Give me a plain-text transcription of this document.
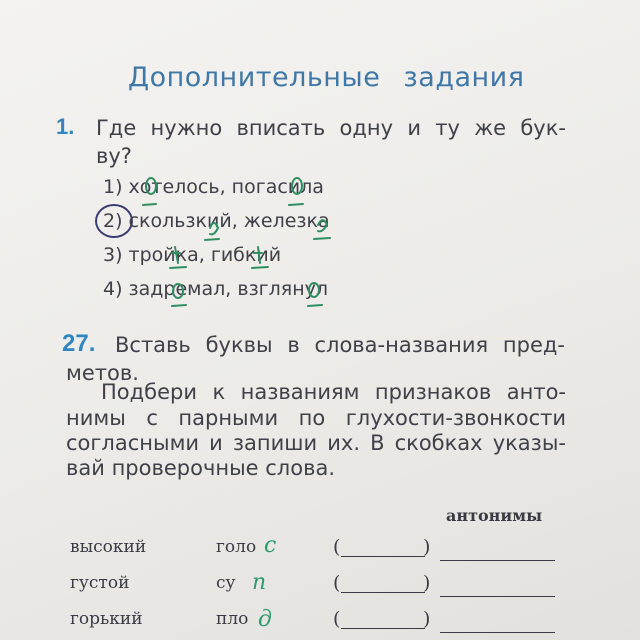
Дополнительные задания
1. Где нужно вписать одну и ту же бук-
ву?
1) хотелось, погасила
2) скользкий, железка
3) тройка, гибкий
4) задремал, взглянул
27. Вставь буквы в слова-названия пред-
метов.
Подбери к названиям признаков анто-
нимы с парными по глухости-звонкости
согласными и запиши их. В скобках указы-
вай проверочные слова.
антонимы
высокий	голо с	(	)
густой	су п	(	)
горький	пло д	(	)
